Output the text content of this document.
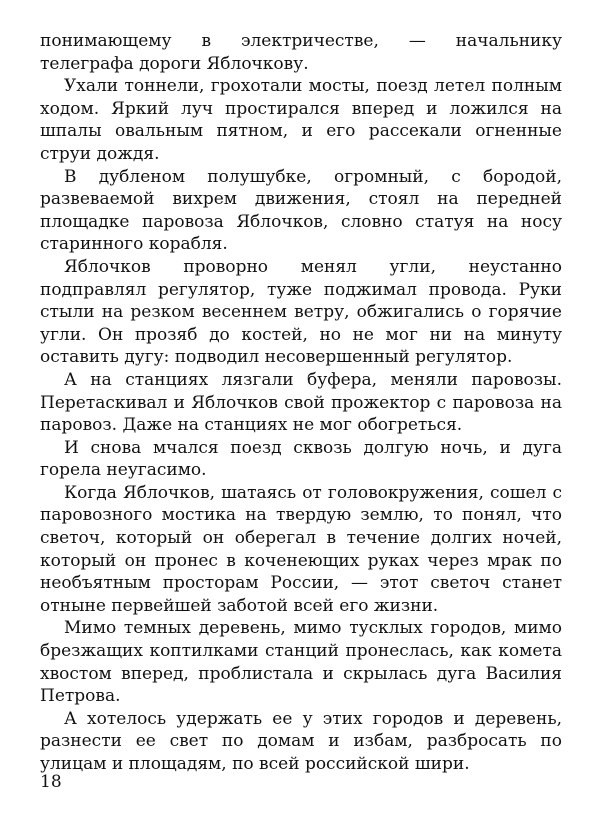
понимающему в электричестве, — начальнику телеграфа дороги Яблочкову.

Ухали тоннели, грохотали мосты, поезд летел полным ходом. Яркий луч простирался вперед и ложился на шпалы овальным пятном, и его рассекали огненные струи дождя.

В дубленом полушубке, огромный, с бородой, развеваемой вихрем движения, стоял на передней площадке паровоза Яблочков, словно статуя на носу старинного корабля.

Яблочков проворно менял угли, неустанно подправлял регулятор, туже поджимал провода. Руки стыли на резком весеннем ветру, обжигались о горячие угли. Он прозяб до костей, но не мог ни на минуту оставить дугу: подводил несовершенный регулятор.

А на станциях лязгали буфера, меняли паровозы. Перетаскивал и Яблочков свой прожектор с паровоза на паровоз. Даже на станциях не мог обогреться.

И снова мчался поезд сквозь долгую ночь, и дуга горела неугасимо.

Когда Яблочков, шатаясь от головокружения, сошел с паровозного мостика на твердую землю, то понял, что светоч, который он оберегал в течение долгих ночей, который он пронес в коченеющих руках через мрак по необъятным просторам России, — этот светоч станет отныне первейшей заботой всей его жизни.

Мимо темных деревень, мимо тусклых городов, мимо брезжащих коптилками станций пронеслась, как комета хвостом вперед, проблистала и скрылась дуга Василия Петрова.

А хотелось удержать ее у этих городов и деревень, разнести ее свет по домам и избам, разбросать по улицам и площадям, по всей российской шири.

18
